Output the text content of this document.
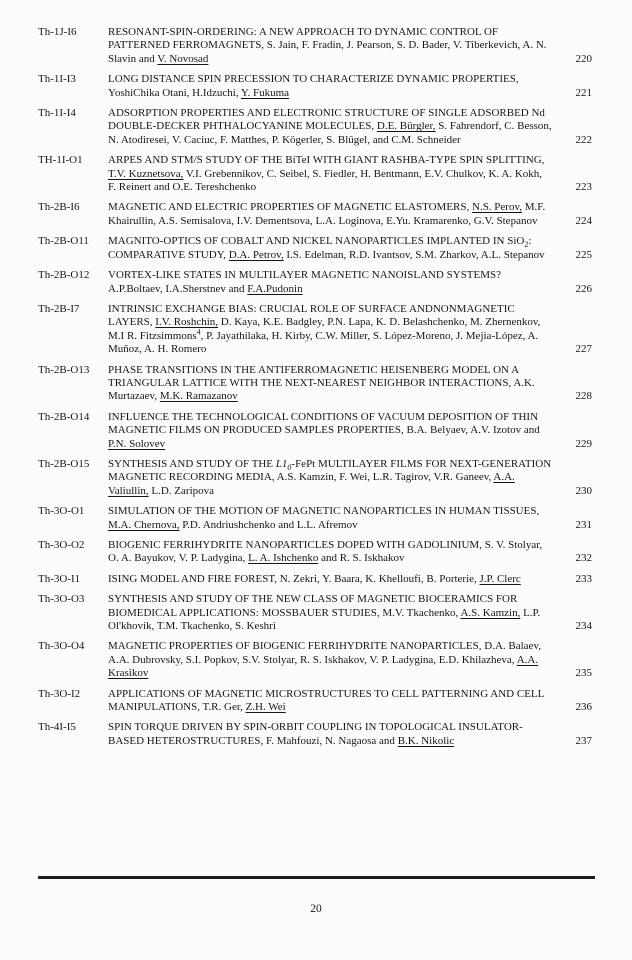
Th-1J-I6	RESONANT-SPIN-ORDERING: A NEW APPROACH TO DYNAMIC CONTROL OF PATTERNED FERROMAGNETS, S. Jain, F. Fradin, J. Pearson, S. D. Bader, V. Tiberkevich, A. N. Slavin and V. Novosad	220
Th-1I-I3	LONG DISTANCE SPIN PRECESSION TO CHARACTERIZE DYNAMIC PROPERTIES, YoshiChika Otani, H.Idzuchi, Y. Fukuma	221
Th-1I-I4	ADSORPTION PROPERTIES AND ELECTRONIC STRUCTURE OF SINGLE ADSORBED Nd DOUBLE-DECKER PHTHALOCYANINE MOLECULES, D.E. Bürgler, S. Fahrendorf, C. Besson, N. Atodiresei, V. Caciuc, F. Matthes, P. Kögerler, S. Blügel, and C.M. Schneider	222
TH-1I-O1	ARPES AND STM/S STUDY OF THE BiTeI WITH GIANT RASHBA-TYPE SPIN SPLITTING, T.V. Kuznetsova, V.I. Grebennikov, C. Seibel, S. Fiedler, H. Bentmann, E.V. Chulkov, K. A. Kokh, F. Reinert and O.E. Tereshchenko	223
Th-2B-I6	MAGNETIC AND ELECTRIC PROPERTIES OF MAGNETIC ELASTOMERS, N.S. Perov, M.F. Khairullin, A.S. Semisalova, I.V. Dementsova, L.A. Loginova, E.Yu. Kramarenko, G.V. Stepanov	224
Th-2B-O11	MAGNITO-OPTICS OF COBALT AND NICKEL NANOPARTICLES IMPLANTED IN SiO$_2$: COMPARATIVE STUDY, D.A. Petrov, I.S. Edelman, R.D. Ivantsov, S.M. Zharkov, A.L. Stepanov	225
Th-2B-O12	VORTEX-LIKE STATES IN MULTILAYER MAGNETIC NANOISLAND SYSTEMS? A.P.Boltaev, I.A.Sherstnev and F.A.Pudonin	226
Th-2B-I7	INTRINSIC EXCHANGE BIAS: CRUCIAL ROLE OF SURFACE ANDNONMAGNETIC LAYERS, I.V. Roshchin, D. Kaya, K.E. Badgley, P.N. Lapa, K. D. Belashchenko, M. Zhernenkov, M.I R. Fitzsimmons$^4$, P. Jayathilaka, H. Kirby, C.W. Miller, S. López-Moreno, J. Mejia-López, A. Muñoz, A. H. Romero	227
Th-2B-O13	PHASE TRANSITIONS IN THE ANTIFERROMAGNETIC HEISENBERG MODEL ON A TRIANGULAR LATTICE WITH THE NEXT-NEAREST NEIGHBOR INTERACTIONS, A.K. Murtazaev, M.K. Ramazanov	228
Th-2B-O14	INFLUENCE THE TECHNOLOGICAL CONDITIONS OF VACUUM DEPOSITION OF THIN MAGNETIC FILMS ON PRODUCED SAMPLES PROPERTIES, B.A. Belyaev, A.V. Izotov and P.N. Solovev	229
Th-2B-O15	SYNTHESIS AND STUDY OF THE $L1_0$-FePt MULTILAYER FILMS FOR NEXT-GENERATION MAGNETIC RECORDING MEDIA, A.S. Kamzin, F. Wei, L.R. Tagirov, V.R. Ganeev, A.A. Valiullin, L.D. Zaripova	230
Th-3O-O1	SIMULATION OF THE MOTION OF MAGNETIC NANOPARTICLES IN HUMAN TISSUES, M.A. Chernova, P.D. Andriushchenko and L.L. Afremov	231
Th-3O-O2	BIOGENIC FERRIHYDRITE NANOPARTICLES DOPED WITH GADOLINIUM, S. V. Stolyar, O. A. Bayukov, V. P. Ladygina, L. A. Ishchenko and R. S. Iskhakov	232
Th-3O-I1	ISING MODEL AND FIRE FOREST, N. Zekri, Y. Baara, K. Khelloufi, B. Porterie, J.P. Clerc	233
Th-3O-O3	SYNTHESIS AND STUDY OF THE NEW CLASS OF MAGNETIC BIOCERAMICS FOR BIOMEDICAL APPLICATIONS: MOSSBAUER STUDIES, M.V. Tkachenko, A.S. Kamzin, L.P. Ol'khovik, T.M. Tkachenko, S. Keshri	234
Th-3O-O4	MAGNETIC PROPERTIES OF BIOGENIC FERRIHYDRITE NANOPARTICLES, D.A. Balaev, A.A. Dubrovsky, S.I. Popkov, S.V. Stolyar, R. S. Iskhakov, V. P. Ladygina, E.D. Khilazheva, A.A. Krasikov	235
Th-3O-I2	APPLICATIONS OF MAGNETIC MICROSTRUCTURES TO CELL PATTERNING AND CELL MANIPULATIONS, T.R. Ger, Z.H. Wei	236
Th-4I-I5	SPIN TORQUE DRIVEN BY SPIN-ORBIT COUPLING IN TOPOLOGICAL INSULATOR-BASED HETEROSTRUCTURES, F. Mahfouzi, N. Nagaosa and B.K. Nikolic	237
20
